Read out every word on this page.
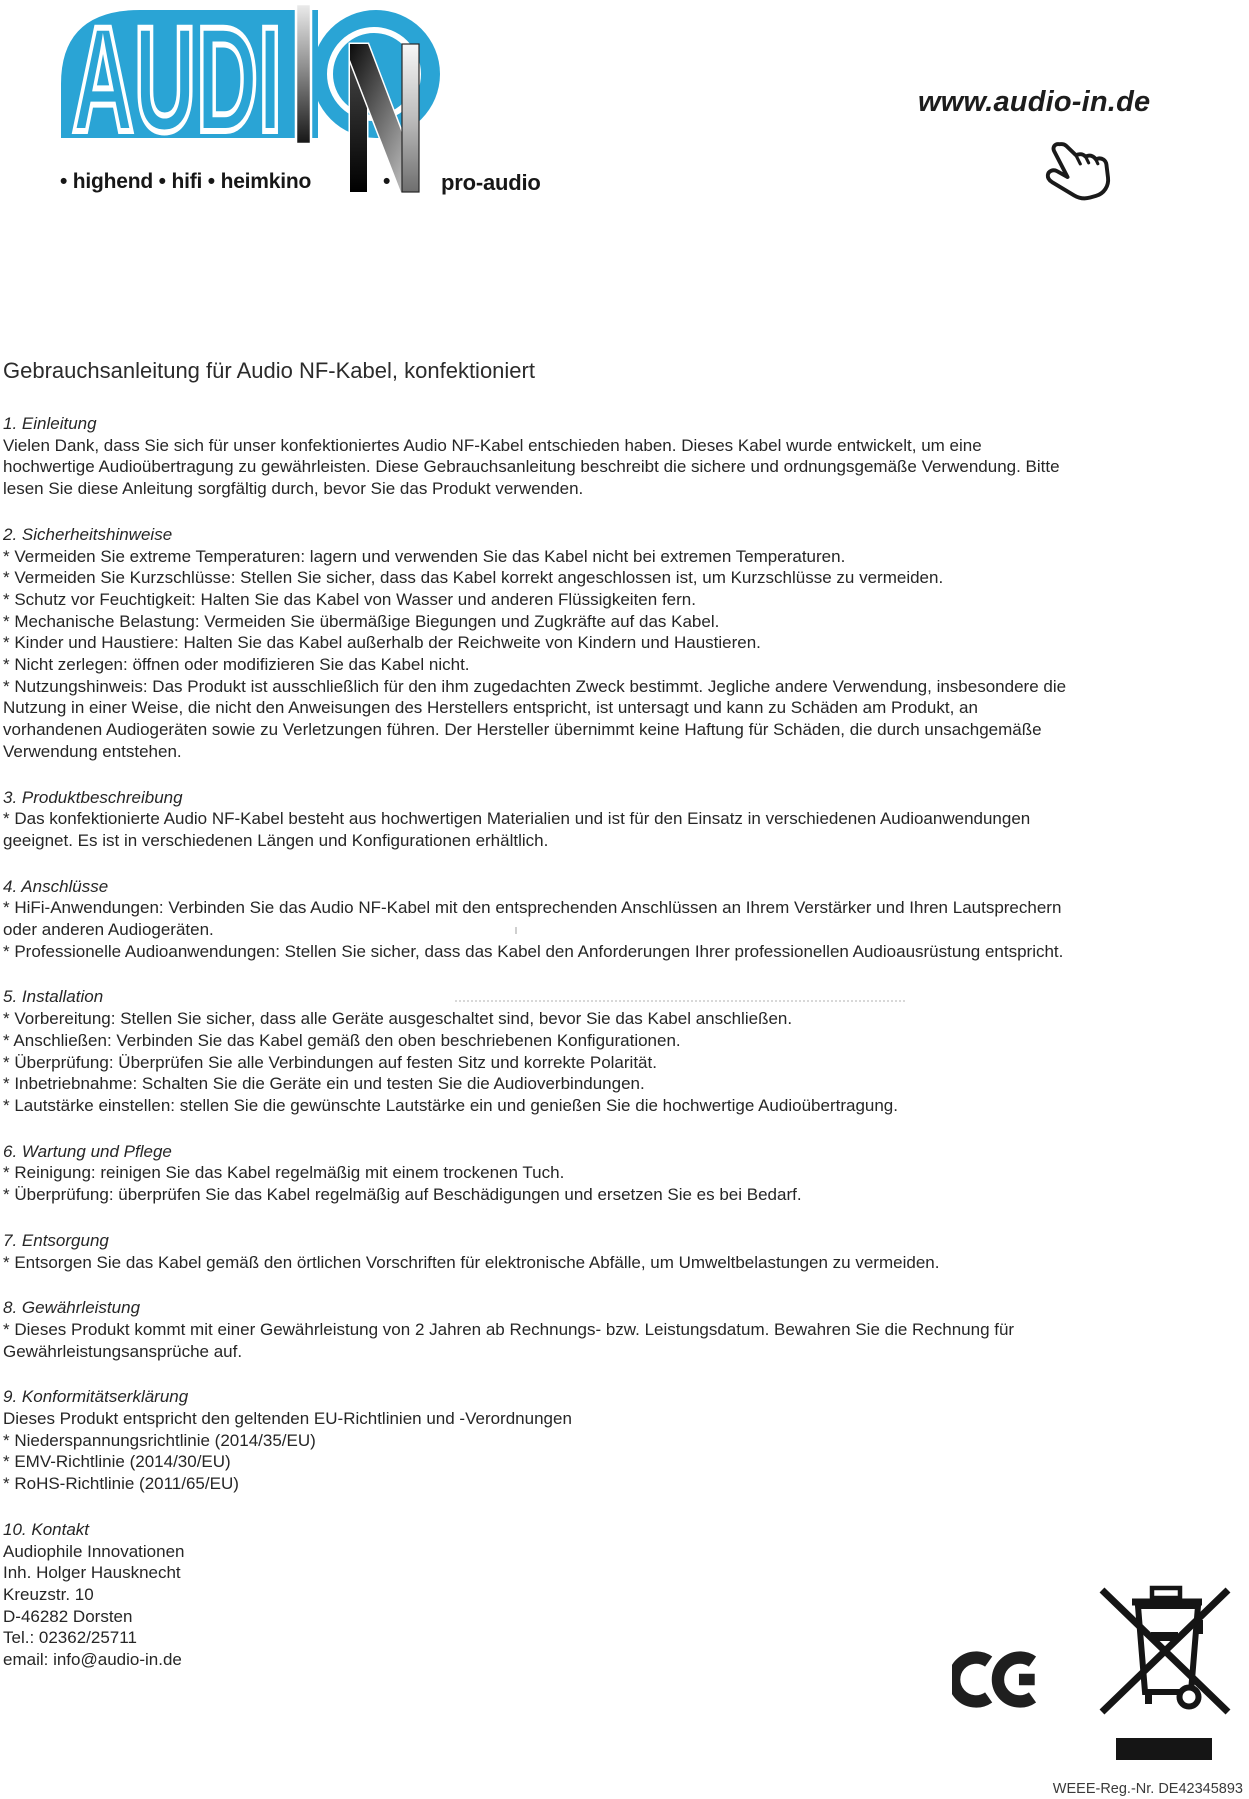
AUDI
• highend • hifi • heimkino	• pro-audio
www.audio-in.de
Gebrauchsanleitung für Audio NF-Kabel, konfektioniert
1. Einleitung
Vielen Dank, dass Sie sich für unser konfektioniertes Audio NF-Kabel entschieden haben. Dieses Kabel wurde entwickelt, um eine
hochwertige Audioübertragung zu gewährleisten. Diese Gebrauchsanleitung beschreibt die sichere und ordnungsgemäße Verwendung. Bitte
lesen Sie diese Anleitung sorgfältig durch, bevor Sie das Produkt verwenden.
2. Sicherheitshinweise
* Vermeiden Sie extreme Temperaturen: lagern und verwenden Sie das Kabel nicht bei extremen Temperaturen.
* Vermeiden Sie Kurzschlüsse: Stellen Sie sicher, dass das Kabel korrekt angeschlossen ist, um Kurzschlüsse zu vermeiden.
* Schutz vor Feuchtigkeit: Halten Sie das Kabel von Wasser und anderen Flüssigkeiten fern.
* Mechanische Belastung: Vermeiden Sie übermäßige Biegungen und Zugkräfte auf das Kabel.
* Kinder und Haustiere: Halten Sie das Kabel außerhalb der Reichweite von Kindern und Haustieren.
* Nicht zerlegen: öffnen oder modifizieren Sie das Kabel nicht.
* Nutzungshinweis: Das Produkt ist ausschließlich für den ihm zugedachten Zweck bestimmt. Jegliche andere Verwendung, insbesondere die
Nutzung in einer Weise, die nicht den Anweisungen des Herstellers entspricht, ist untersagt und kann zu Schäden am Produkt, an
vorhandenen Audiogeräten sowie zu Verletzungen führen. Der Hersteller übernimmt keine Haftung für Schäden, die durch unsachgemäße
Verwendung entstehen.
3. Produktbeschreibung
* Das konfektionierte Audio NF-Kabel besteht aus hochwertigen Materialien und ist für den Einsatz in verschiedenen Audioanwendungen
geeignet. Es ist in verschiedenen Längen und Konfigurationen erhältlich.
4. Anschlüsse
* HiFi-Anwendungen: Verbinden Sie das Audio NF-Kabel mit den entsprechenden Anschlüssen an Ihrem Verstärker und Ihren Lautsprechern
oder anderen Audiogeräten.
* Professionelle Audioanwendungen: Stellen Sie sicher, dass das Kabel den Anforderungen Ihrer professionellen Audioausrüstung entspricht.
5. Installation
* Vorbereitung: Stellen Sie sicher, dass alle Geräte ausgeschaltet sind, bevor Sie das Kabel anschließen.
* Anschließen: Verbinden Sie das Kabel gemäß den oben beschriebenen Konfigurationen.
* Überprüfung: Überprüfen Sie alle Verbindungen auf festen Sitz und korrekte Polarität.
* Inbetriebnahme: Schalten Sie die Geräte ein und testen Sie die Audioverbindungen.
* Lautstärke einstellen: stellen Sie die gewünschte Lautstärke ein und genießen Sie die hochwertige Audioübertragung.
6. Wartung und Pflege
* Reinigung: reinigen Sie das Kabel regelmäßig mit einem trockenen Tuch.
* Überprüfung: überprüfen Sie das Kabel regelmäßig auf Beschädigungen und ersetzen Sie es bei Bedarf.
7. Entsorgung
* Entsorgen Sie das Kabel gemäß den örtlichen Vorschriften für elektronische Abfälle, um Umweltbelastungen zu vermeiden.
8. Gewährleistung
* Dieses Produkt kommt mit einer Gewährleistung von 2 Jahren ab Rechnungs- bzw. Leistungsdatum. Bewahren Sie die Rechnung für
Gewährleistungsansprüche auf.
9. Konformitätserklärung
Dieses Produkt entspricht den geltenden EU-Richtlinien und -Verordnungen
* Niederspannungsrichtlinie (2014/35/EU)
* EMV-Richtlinie (2014/30/EU)
* RoHS-Richtlinie (2011/65/EU)
10. Kontakt
Audiophile Innovationen
Inh. Holger Hausknecht
Kreuzstr. 10
D-46282 Dorsten
Tel.: 02362/25711
email: info@audio-in.de
WEEE-Reg.-Nr. DE42345893
